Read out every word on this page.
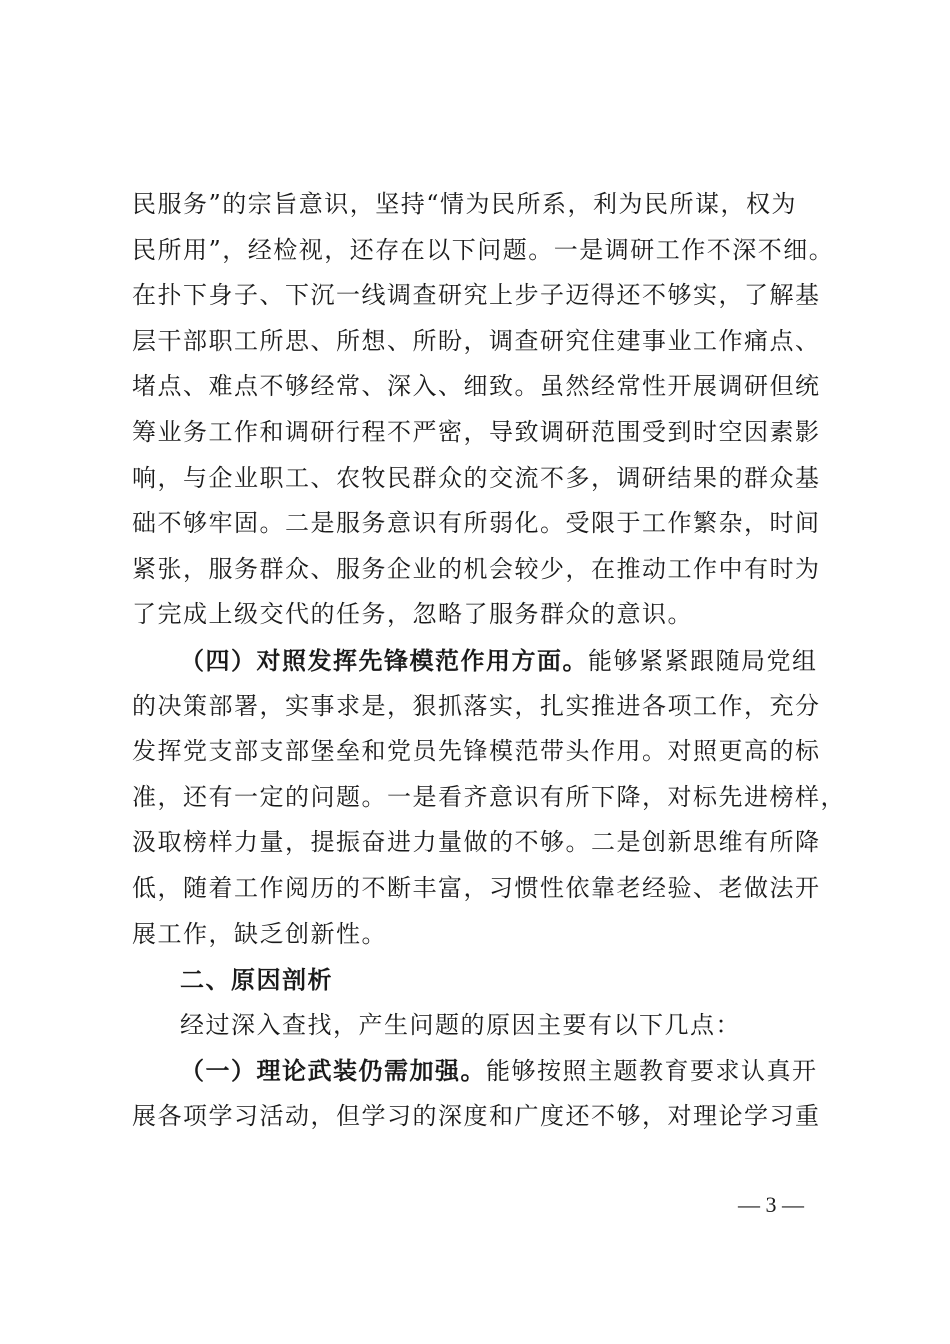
民服务”的宗旨意识，坚持“情为民所系，利为民所谋，权为
民所用”，经检视，还存在以下问题。一是调研工作不深不细。
在扑下身子、下沉一线调查研究上步子迈得还不够实，了解基
层干部职工所思、所想、所盼，调查研究住建事业工作痛点、
堵点、难点不够经常、深入、细致。虽然经常性开展调研但统
筹业务工作和调研行程不严密，导致调研范围受到时空因素影
响，与企业职工、农牧民群众的交流不多，调研结果的群众基
础不够牢固。二是服务意识有所弱化。受限于工作繁杂，时间
紧张，服务群众、服务企业的机会较少，在推动工作中有时为
了完成上级交代的任务，忽略了服务群众的意识。
（四）对照发挥先锋模范作用方面。能够紧紧跟随局党组
的决策部署，实事求是，狠抓落实，扎实推进各项工作，充分
发挥党支部支部堡垒和党员先锋模范带头作用。对照更高的标
准，还有一定的问题。一是看齐意识有所下降，对标先进榜样，
汲取榜样力量，提振奋进力量做的不够。二是创新思维有所降
低，随着工作阅历的不断丰富，习惯性依靠老经验、老做法开
展工作，缺乏创新性。
二、原因剖析
经过深入查找，产生问题的原因主要有以下几点：
（一）理论武装仍需加强。能够按照主题教育要求认真开
展各项学习活动，但学习的深度和广度还不够，对理论学习重
— 3 —
